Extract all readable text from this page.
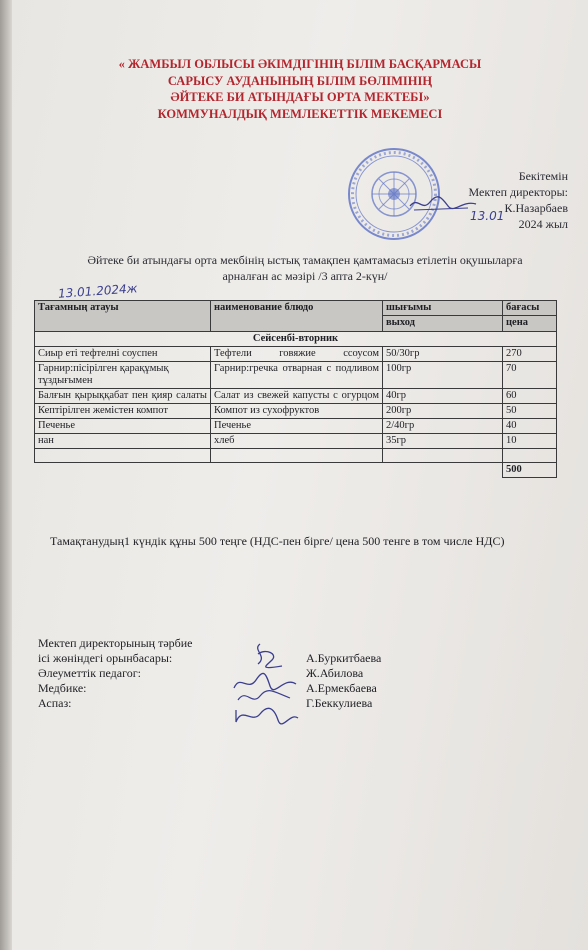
« ЖАМБЫЛ ОБЛЫСЫ ӘКІМДІГІНІҢ БІЛІМ БАСҚАРМАСЫ
САРЫСУ АУДАНЫНЫҢ БІЛІМ БӨЛІМІНІҢ
ӘЙТЕКЕ БИ АТЫНДАҒЫ ОРТА МЕКТЕБІ»
КОММУНАЛДЫҚ МЕМЛЕКЕТТІК МЕКЕМЕСІ
Бекітемін
Мектеп директоры:
К.Назарбаев
2024 жыл
13.01
Әйтеке би атындағы орта мекбінің ыстық тамақпен қамтамасыз етілетін оқушыларға
арналған ас мәзірі /3 апта 2-күн/
13.01.2024ж
Тағамның атауы	наименование блюдо	шығымы	бағасы
		выход	цена
Сейсенбі-вторник			
Сиыр еті тефтелні соуспен	Тефтели говяжие ссоусом	50/30гр	270
Гарнир:пісірілген қарақұмық тұздығымен	Гарнир:гречка отварная с подливом	100гр	70
Балғын қырыққабат пен қияр салаты	Салат из свежей капусты с огурцом	40гр	60
Кептірілген жемістен компот	Компот из сухофруктов	200гр	50
Печенье	Печенье	2/40гр	40
нан	хлеб	35гр	10

			500
Тамақтанудың1 күндік құны 500 теңге (НДС-пен бірге/ цена 500 тенге в том числе НДС)
Мектеп директорының тәрбие
ісі жөніндегі орынбасары:	А.Буркитбаева
Әлеуметтік педагог:	Ж.Абилова
Медбике:	А.Ермекбаева
Аспаз:	Г.Беккулиева
